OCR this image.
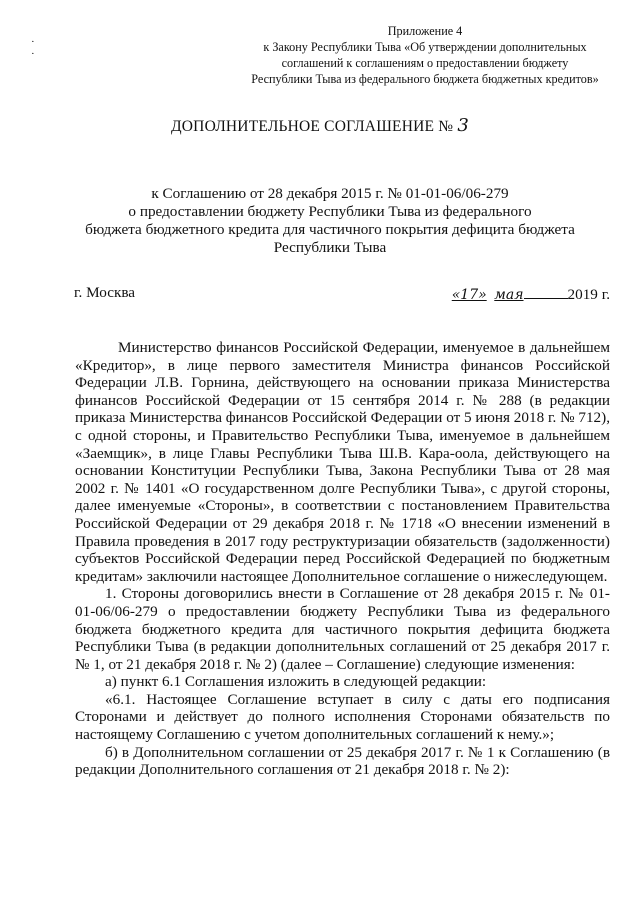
·
·
Приложение 4
к Закону Республики Тыва «Об утверждении дополнительных
соглашений к соглашениям о предоставлении бюджету
Республики Тыва из федерального бюджета бюджетных кредитов»
ДОПОЛНИТЕЛЬНОЕ СОГЛАШЕНИЕ № 3
к Соглашению от 28 декабря 2015 г. № 01-01-06/06-279
о предоставлении бюджету Республики Тыва из федерального
бюджета бюджетного кредита для частичного покрытия дефицита бюджета
Республики Тыва
г. Москва	«17» мая	2019 г.

Министерство финансов Российской Федерации, именуемое в дальнейшем «Кредитор», в лице первого заместителя Министра финансов Российской Федерации Л.В. Горнина, действующего на основании приказа Министерства финансов Российской Федерации от 15 сентября 2014 г. № 288 (в редакции приказа Министерства финансов Российской Федерации от 5 июня 2018 г. № 712), с одной стороны, и Правительство Республики Тыва, именуемое в дальнейшем «Заемщик», в лице Главы Республики Тыва Ш.В. Кара-оола, действующего на основании Конституции Республики Тыва, Закона Республики Тыва от 28 мая 2002 г. № 1401 «О государственном долге Республики Тыва», с другой стороны, далее именуемые «Стороны», в соответствии с постановлением Правительства Российской Федерации от 29 декабря 2018 г. № 1718 «О внесении изменений в Правила проведения в 2017 году реструктуризации обязательств (задолженности) субъектов Российской Федерации перед Российской Федерацией по бюджетным кредитам» заключили настоящее Дополнительное соглашение о нижеследующем.

1. Стороны договорились внести в Соглашение от 28 декабря 2015 г. № 01-01-06/06-279 о предоставлении бюджету Республики Тыва из федерального бюджета бюджетного кредита для частичного покрытия дефицита бюджета Республики Тыва (в редакции дополнительных соглашений от 25 декабря 2017 г. № 1, от 21 декабря 2018 г. № 2) (далее – Соглашение) следующие изменения:

а) пункт 6.1 Соглашения изложить в следующей редакции:

«6.1. Настоящее Соглашение вступает в силу с даты его подписания Сторонами и действует до полного исполнения Сторонами обязательств по настоящему Соглашению с учетом дополнительных соглашений к нему.»;

б) в Дополнительном соглашении от 25 декабря 2017 г. № 1 к Соглашению (в редакции Дополнительного соглашения от 21 декабря 2018 г. № 2):
